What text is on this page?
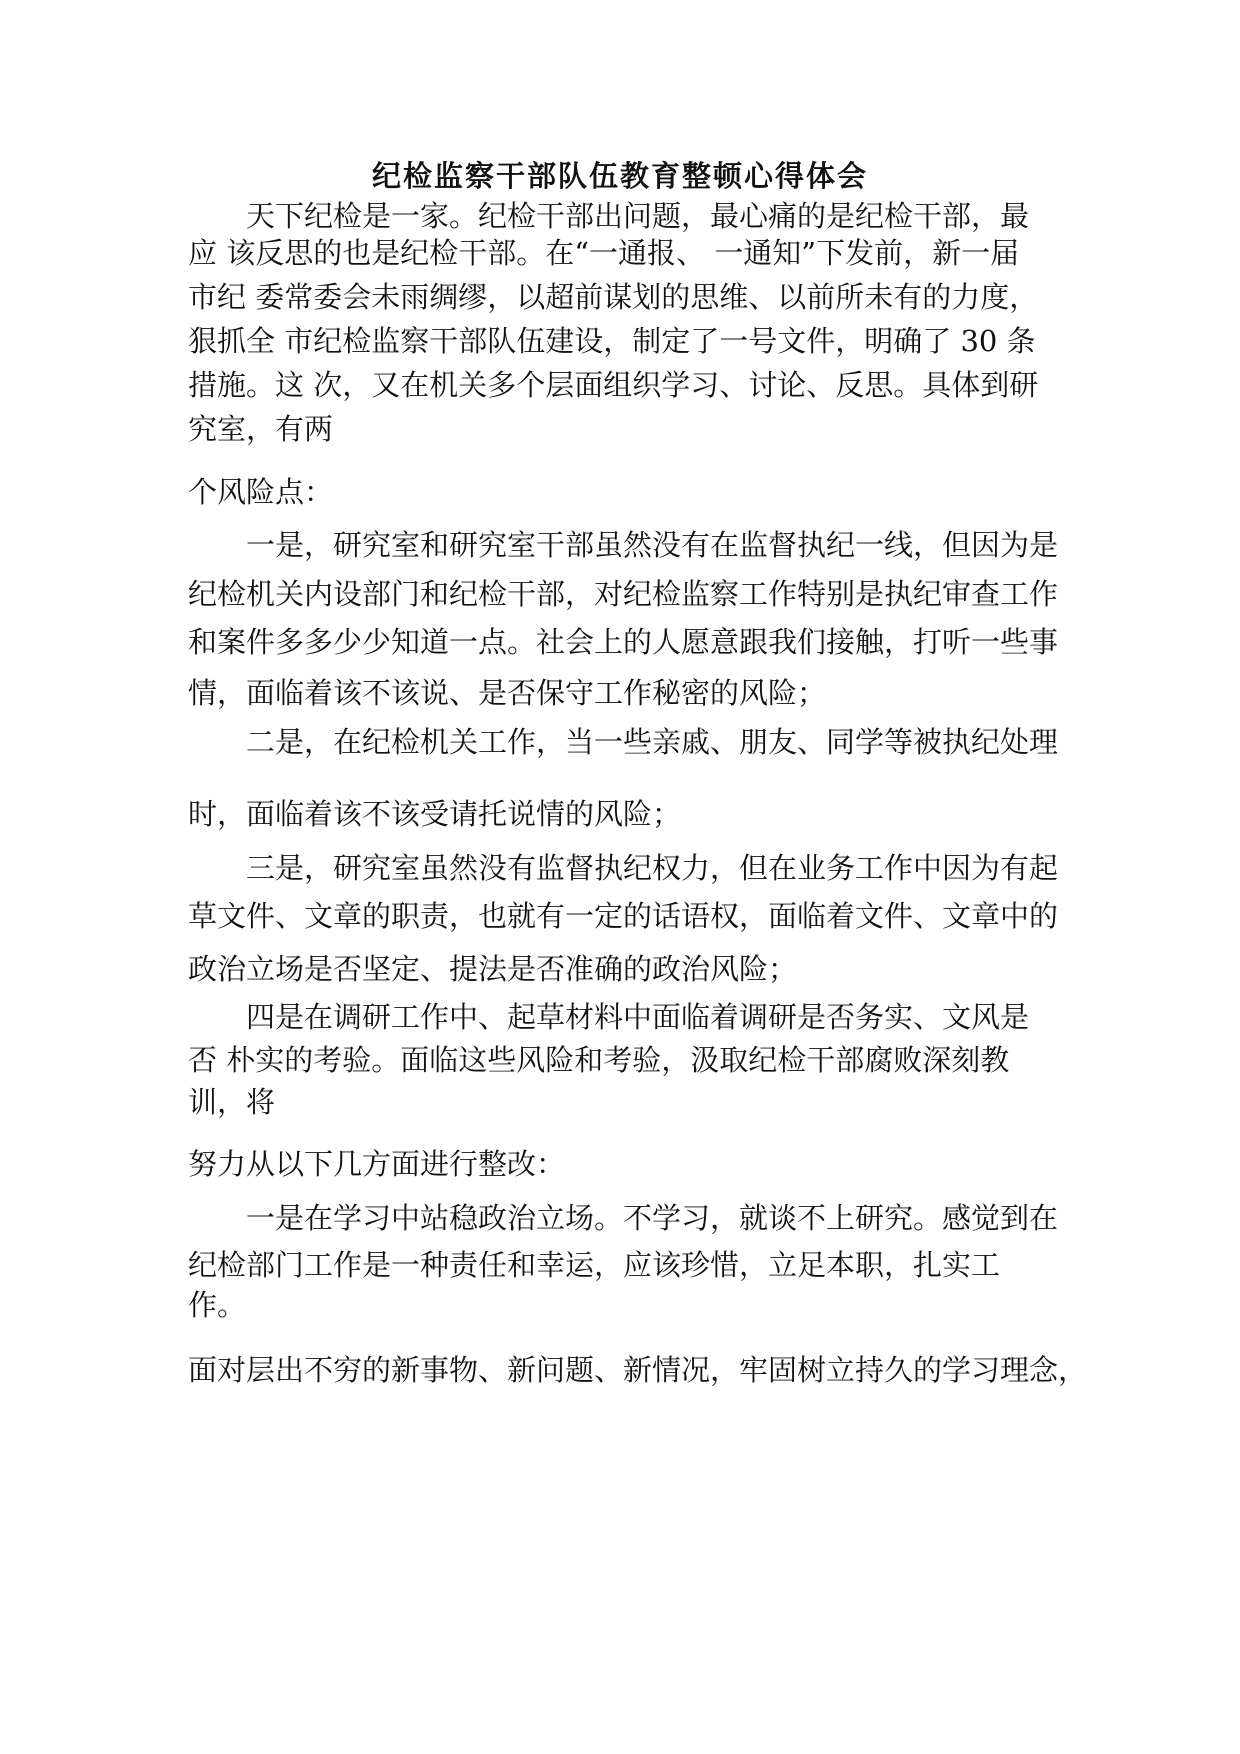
纪检监察干部队伍教育整顿心得体会

天下纪检是一家。纪检干部出问题，最心痛的是纪检干部，最

应 该反思的也是纪检干部。在“一通报、 一通知”下发前，新一届

市纪 委常委会未雨绸缪，以超前谋划的思维、以前所未有的力度，

狠抓全 市纪检监察干部队伍建设，制定了一号文件，明确了 30 条

措施。这 次，又在机关多个层面组织学习、讨论、反思。具体到研

究室，有两

个风险点：

一是，研究室和研究室干部虽然没有在监督执纪一线，但因为是

纪检机关内设部门和纪检干部，对纪检监察工作特别是执纪审查工作

和案件多多少少知道一点。社会上的人愿意跟我们接触，打听一些事

情，面临着该不该说、是否保守工作秘密的风险；

二是，在纪检机关工作，当一些亲戚、朋友、同学等被执纪处理

时，面临着该不该受请托说情的风险；

三是，研究室虽然没有监督执纪权力，但在业务工作中因为有起

草文件、文章的职责，也就有一定的话语权，面临着文件、文章中的

政治立场是否坚定、提法是否准确的政治风险；

四是在调研工作中、起草材料中面临着调研是否务实、文风是

否 朴实的考验。面临这些风险和考验，汲取纪检干部腐败深刻教

训，将

努力从以下几方面进行整改：

一是在学习中站稳政治立场。不学习，就谈不上研究。感觉到在

纪检部门工作是一种责任和幸运，应该珍惜，立足本职，扎实工

作。

面对层出不穷的新事物、新问题、新情况，牢固树立持久的学习理念，
